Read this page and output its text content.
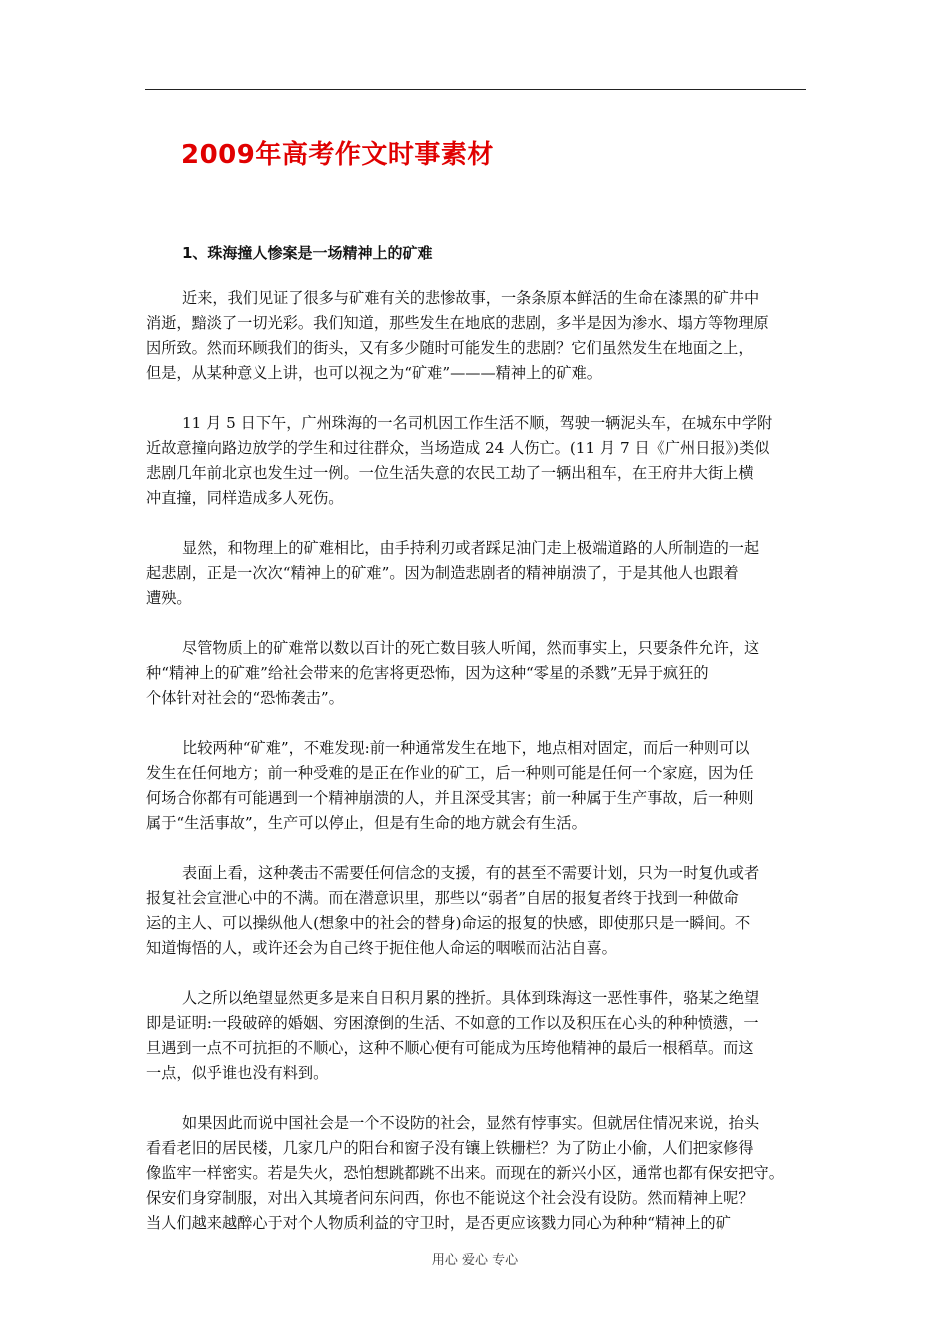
2009年高考作文时事素材
1、珠海撞人惨案是一场精神上的矿难

近来，我们见证了很多与矿难有关的悲惨故事，一条条原本鲜活的生命在漆黑的矿井中
消逝，黯淡了一切光彩。我们知道，那些发生在地底的悲剧，多半是因为渗水、塌方等物理原
因所致。然而环顾我们的街头，又有多少随时可能发生的悲剧？它们虽然发生在地面之上，
但是，从某种意义上讲，也可以视之为“矿难”———精神上的矿难。

11 月 5 日下午，广州珠海的一名司机因工作生活不顺，驾驶一辆泥头车，在城东中学附
近故意撞向路边放学的学生和过往群众，当场造成 24 人伤亡。(11 月 7 日《广州日报》)类似
悲剧几年前北京也发生过一例。一位生活失意的农民工劫了一辆出租车，在王府井大街上横
冲直撞，同样造成多人死伤。

显然，和物理上的矿难相比，由手持利刃或者踩足油门走上极端道路的人所制造的一起
起悲剧，正是一次次“精神上的矿难”。因为制造悲剧者的精神崩溃了，于是其他人也跟着
遭殃。

尽管物质上的矿难常以数以百计的死亡数目骇人听闻，然而事实上，只要条件允许，这
种“精神上的矿难”给社会带来的危害将更恐怖，因为这种“零星的杀戮”无异于疯狂的
个体针对社会的“恐怖袭击”。

比较两种“矿难”，不难发现:前一种通常发生在地下，地点相对固定，而后一种则可以
发生在任何地方；前一种受难的是正在作业的矿工，后一种则可能是任何一个家庭，因为任
何场合你都有可能遇到一个精神崩溃的人，并且深受其害；前一种属于生产事故，后一种则
属于“生活事故”，生产可以停止，但是有生命的地方就会有生活。

表面上看，这种袭击不需要任何信念的支援，有的甚至不需要计划，只为一时复仇或者
报复社会宣泄心中的不满。而在潜意识里，那些以“弱者”自居的报复者终于找到一种做命
运的主人、可以操纵他人(想象中的社会的替身)命运的报复的快感，即使那只是一瞬间。不
知道悔悟的人，或许还会为自己终于扼住他人命运的咽喉而沾沾自喜。

人之所以绝望显然更多是来自日积月累的挫折。具体到珠海这一恶性事件，骆某之绝望
即是证明:一段破碎的婚姻、穷困潦倒的生活、不如意的工作以及积压在心头的种种愤懑，一
旦遇到一点不可抗拒的不顺心，这种不顺心便有可能成为压垮他精神的最后一根稻草。而这
一点，似乎谁也没有料到。

如果因此而说中国社会是一个不设防的社会，显然有悖事实。但就居住情况来说，抬头
看看老旧的居民楼，几家几户的阳台和窗子没有镶上铁栅栏？为了防止小偷，人们把家修得
像监牢一样密实。若是失火，恐怕想跳都跳不出来。而现在的新兴小区，通常也都有保安把守。
保安们身穿制服，对出入其境者问东问西，你也不能说这个社会没有设防。然而精神上呢？
当人们越来越醉心于对个人物质利益的守卫时，是否更应该戮力同心为种种“精神上的矿

用心 爱心 专心
